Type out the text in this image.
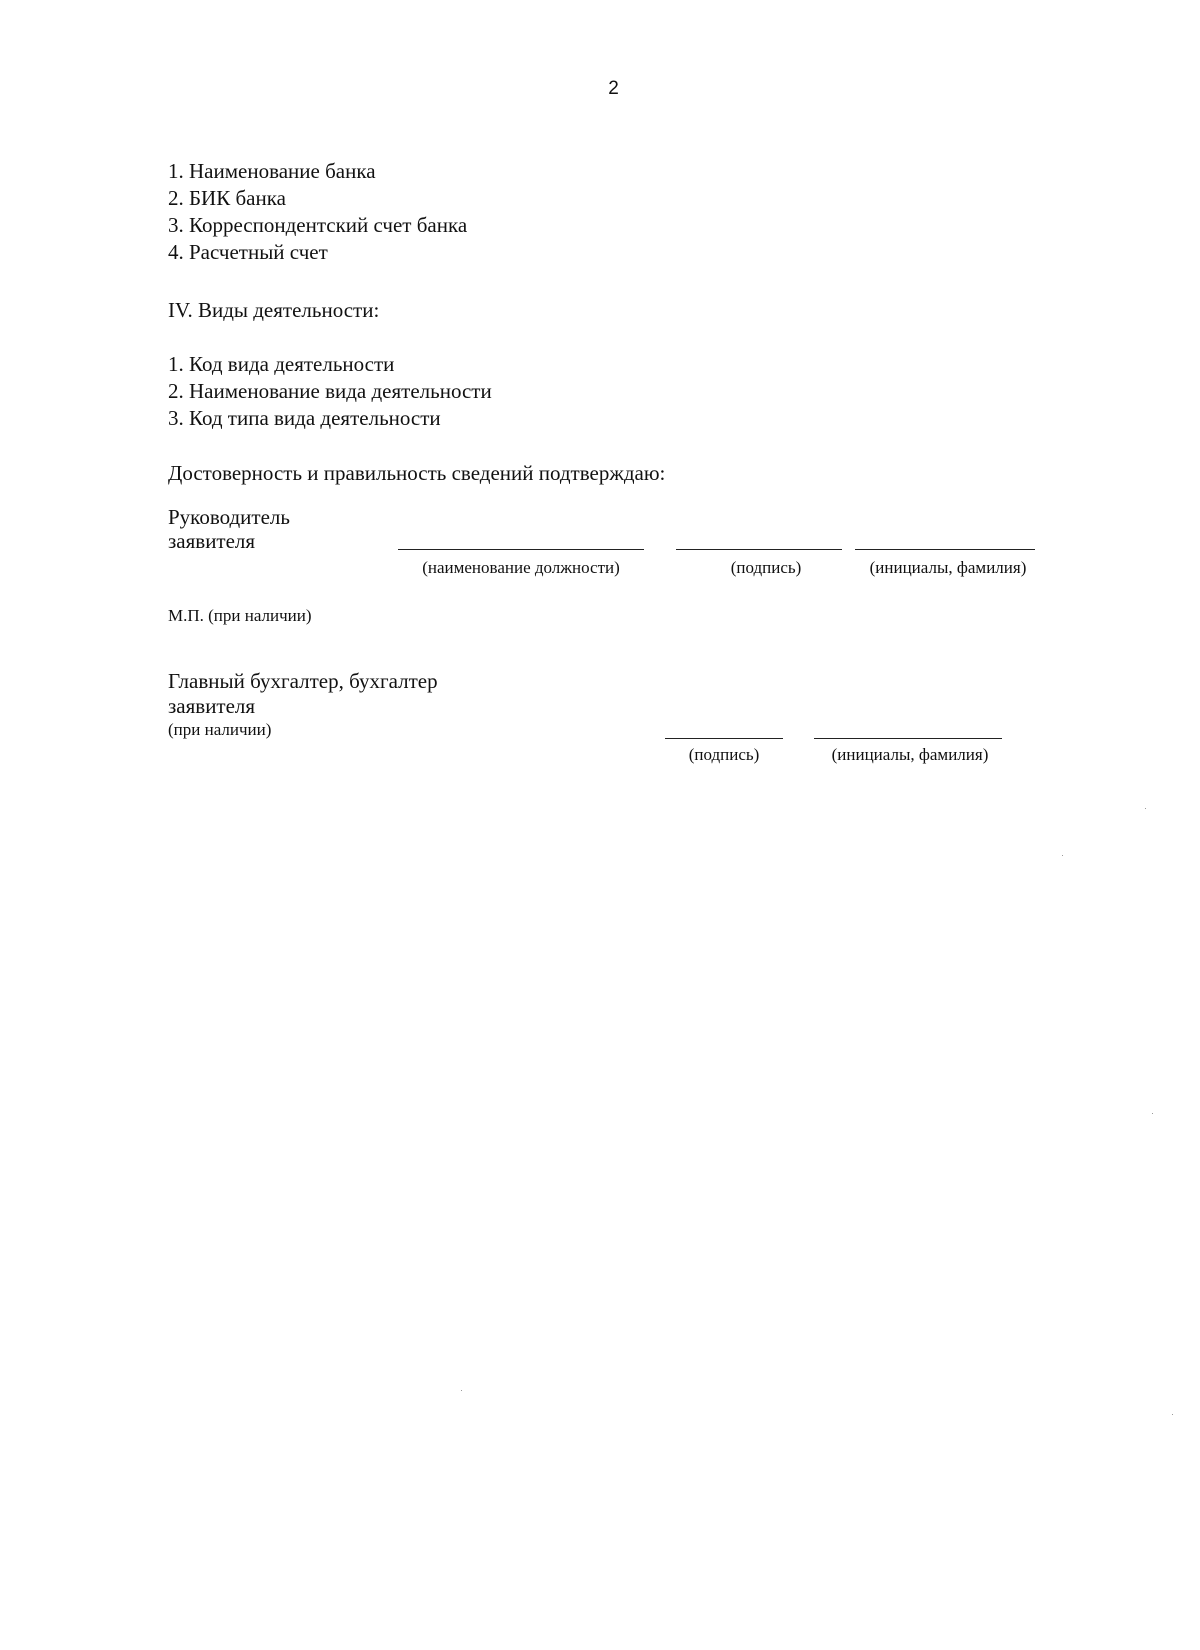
2
1. Наименование банка
2. БИК банка
3. Корреспондентский счет банка
4. Расчетный счет
IV. Виды деятельности:
1. Код вида деятельности
2. Наименование вида деятельности
3. Код типа вида деятельности
Достоверность и правильность сведений подтверждаю:
Руководитель
заявителя
(наименование должности)	(подпись)	(инициалы, фамилия)
М.П. (при наличии)
Главный бухгалтер, бухгалтер
заявителя
(при наличии)
(подпись)	(инициалы, фамилия)
